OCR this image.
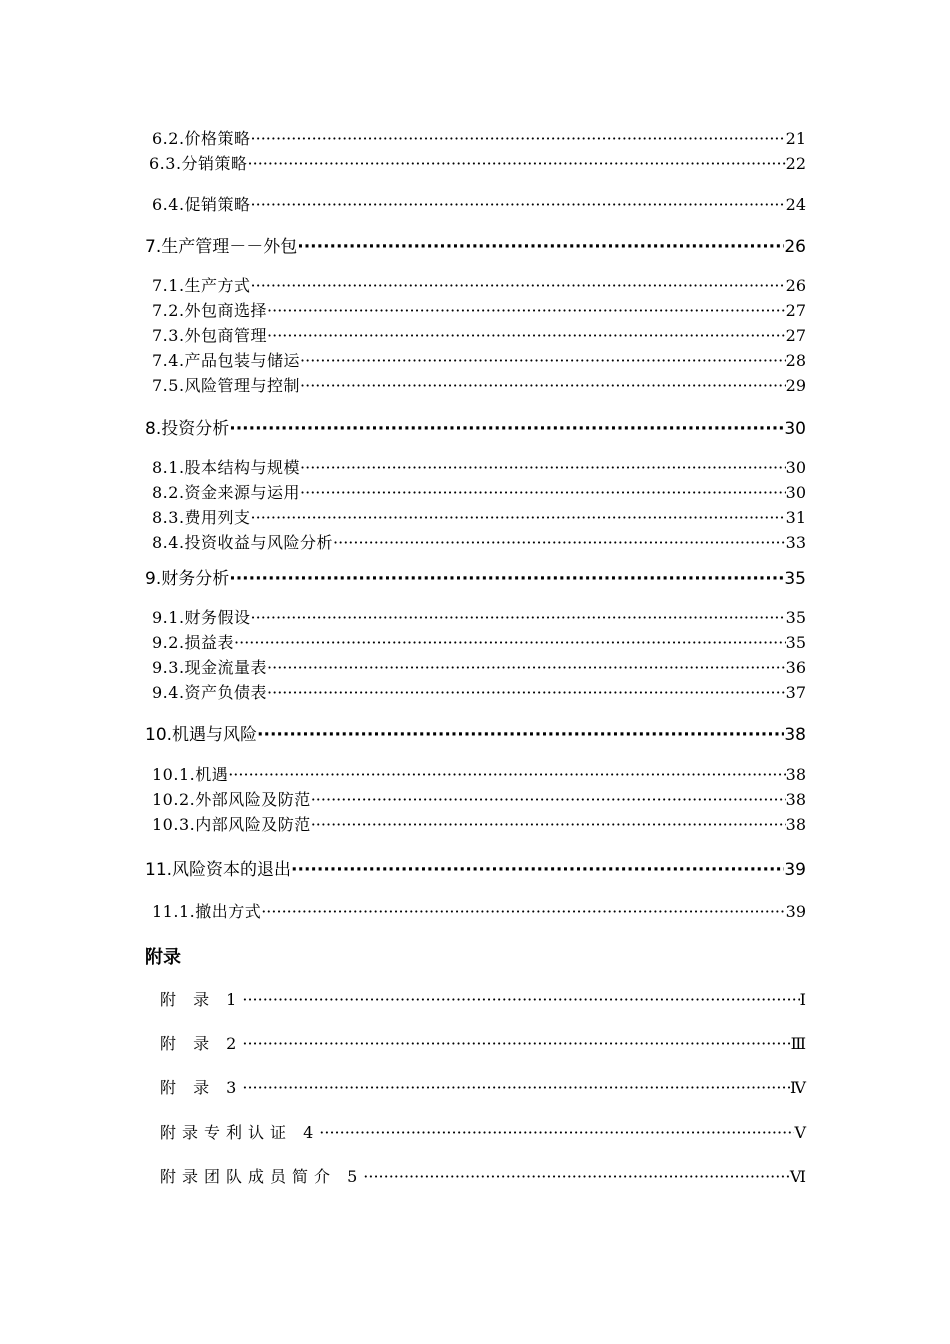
6.2.价格策略 ·····	21
6.3.分销策略 ·····	22
6.4.促销策略 ·····	24
7.生产管理－－外包 ·····	26
7.1.生产方式 ·····	26
7.2.外包商选择 ·····	27
7.3.外包商管理 ·····	27
7.4.产品包装与储运 ·····	28
7.5.风险管理与控制 ·····	29
8.投资分析 ·····	30
8.1.股本结构与规模 ·····	30
8.2.资金来源与运用 ·····	30
8.3.费用列支 ·····	31
8.4.投资收益与风险分析 ·····	33
9.财务分析 ·····	35
9.1.财务假设 ·····	35
9.2.损益表 ·····	35
9.3.现金流量表 ·····	36
9.4.资产负债表 ·····	37
10.机遇与风险 ·····	38
10.1.机遇 ·····	38
10.2.外部风险及防范 ·····	38
10.3.内部风险及防范 ·····	38
11.风险资本的退出 ·····	39
11.1.撤出方式 ·····	39
附录
附 录 1 ·····	Ⅰ
附 录 2 ·····	Ⅲ
附 录 3 ·····	Ⅳ
附录专利认证 4 ·····	Ⅴ
附录团队成员简介 5 ·····	Ⅵ
